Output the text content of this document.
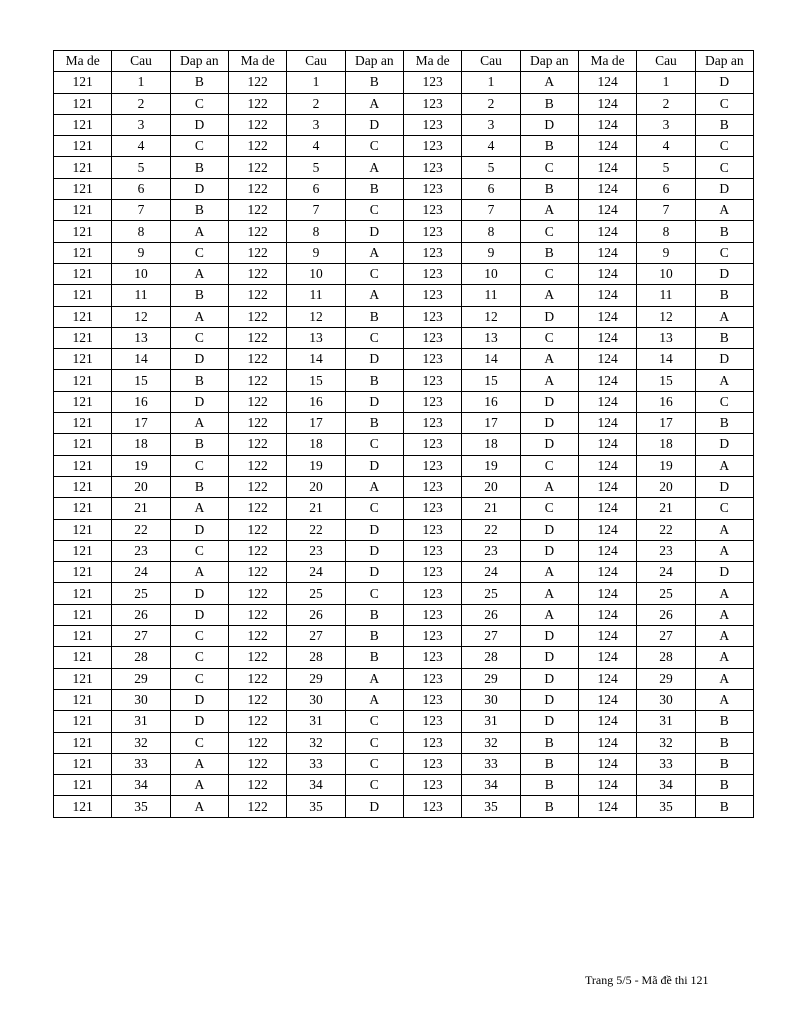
Ma de	Cau	Dap an	Ma de	Cau	Dap an	Ma de	Cau	Dap an	Ma de	Cau	Dap an
121	1	B	122	1	B	123	1	A	124	1	D
121	2	C	122	2	A	123	2	B	124	2	C
121	3	D	122	3	D	123	3	D	124	3	B
121	4	C	122	4	C	123	4	B	124	4	C
121	5	B	122	5	A	123	5	C	124	5	C
121	6	D	122	6	B	123	6	B	124	6	D
121	7	B	122	7	C	123	7	A	124	7	A
121	8	A	122	8	D	123	8	C	124	8	B
121	9	C	122	9	A	123	9	B	124	9	C
121	10	A	122	10	C	123	10	C	124	10	D
121	11	B	122	11	A	123	11	A	124	11	B
121	12	A	122	12	B	123	12	D	124	12	A
121	13	C	122	13	C	123	13	C	124	13	B
121	14	D	122	14	D	123	14	A	124	14	D
121	15	B	122	15	B	123	15	A	124	15	A
121	16	D	122	16	D	123	16	D	124	16	C
121	17	A	122	17	B	123	17	D	124	17	B
121	18	B	122	18	C	123	18	D	124	18	D
121	19	C	122	19	D	123	19	C	124	19	A
121	20	B	122	20	A	123	20	A	124	20	D
121	21	A	122	21	C	123	21	C	124	21	C
121	22	D	122	22	D	123	22	D	124	22	A
121	23	C	122	23	D	123	23	D	124	23	A
121	24	A	122	24	D	123	24	A	124	24	D
121	25	D	122	25	C	123	25	A	124	25	A
121	26	D	122	26	B	123	26	A	124	26	A
121	27	C	122	27	B	123	27	D	124	27	A
121	28	C	122	28	B	123	28	D	124	28	A
121	29	C	122	29	A	123	29	D	124	29	A
121	30	D	122	30	A	123	30	D	124	30	A
121	31	D	122	31	C	123	31	D	124	31	B
121	32	C	122	32	C	123	32	B	124	32	B
121	33	A	122	33	C	123	33	B	124	33	B
121	34	A	122	34	C	123	34	B	124	34	B
121	35	A	122	35	D	123	35	B	124	35	B
Trang 5/5 - Mã đề thi 121
